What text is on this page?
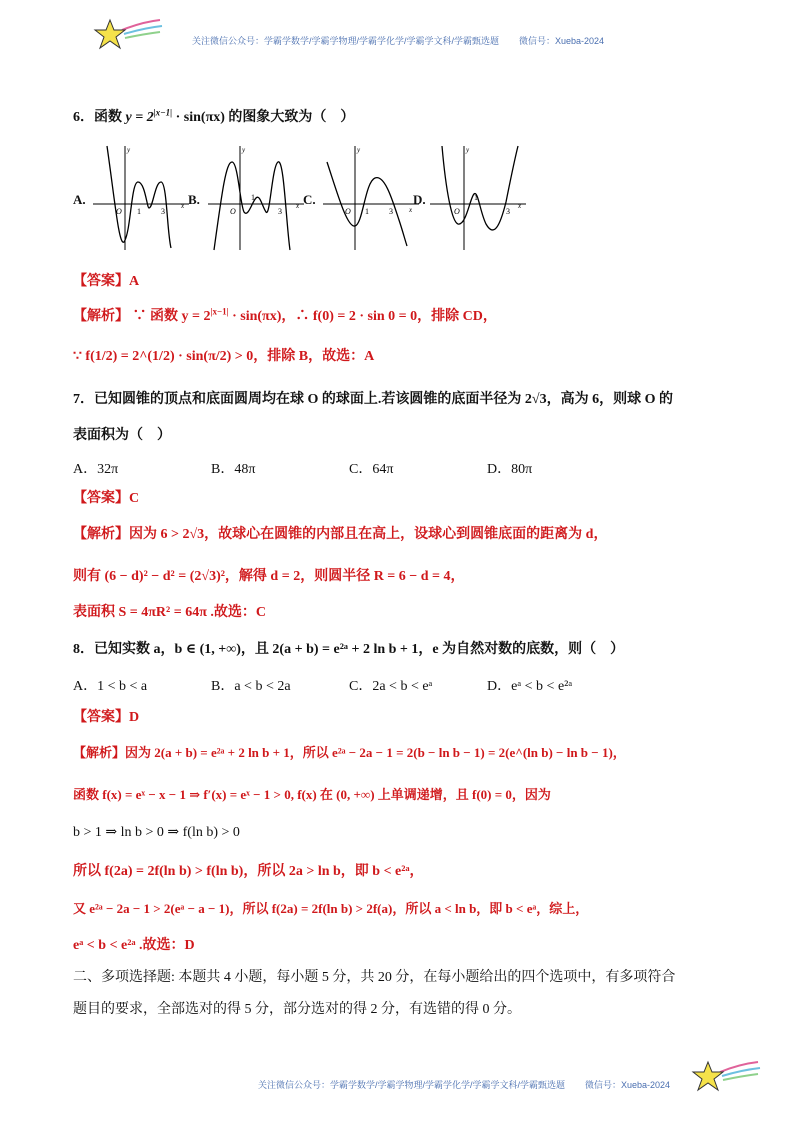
关注微信公众号：学霸学数学/学霸学物理/学霸学化学/学霸学文科/学霸甄选题 微信号：Xueba-2024
6．函数 $y = 2^{|x-1|} \cdot \sin(\pi x)$ 的图象大致为（　）
A.	B.	C.	D.
O 1	3
x
y
O
1
3
x
y
O 1	3 x
y
O
1
3
x
y
【答案】A
【解析】 ∵ 函数 $y = 2^{|x-1|} \cdot \sin(\pi x)$，∴ f(0) = 2 · sin 0 = 0，排除 CD，
∵ f(1/2) = 2^(1/2) · sin(π/2) > 0，排除 B，故选：A
7．已知圆锥的顶点和底面圆周均在球 O 的球面上.若该圆锥的底面半径为 2√3，高为 6，则球 O 的
表面积为（　）
A．32π	B．48π	C．64π	D．80π
【答案】C
【解析】因为 6 > 2√3，故球心在圆锥的内部且在高上，设球心到圆锥底面的距离为 d，
则有 (6 − d)² − d² = (2√3)²，解得 d = 2，则圆半径 R = 6 − d = 4，
表面积 S = 4πR² = 64π .故选：C
8．已知实数 a，b ∈ (1, +∞)，且 2(a + b) = e²ᵃ + 2 ln b + 1，e 为自然对数的底数，则（　）
A．1 < b < a	B．a < b < 2a	C．2a < b < eᵃ	D．eᵃ < b < e²ᵃ
【答案】D
【解析】因为 2(a + b) = e²ᵃ + 2 ln b + 1，所以 e²ᵃ − 2a − 1 = 2(b − ln b − 1) = 2(e^(ln b) − ln b − 1)，
函数 f(x) = eˣ − x − 1 ⇒ f′(x) = eˣ − 1 > 0, f(x) 在 (0, +∞) 上单调递增，且 f(0) = 0，因为
b > 1 ⇒ ln b > 0 ⇒ f(ln b) > 0
所以 f(2a) = 2f(ln b) > f(ln b)，所以 2a > ln b，即 b < e²ᵃ，
又 e²ᵃ − 2a − 1 > 2(eᵃ − a − 1)，所以 f(2a) = 2f(ln b) > 2f(a)，所以 a < ln b，即 b < eᵃ，综上，
eᵃ < b < e²ᵃ .故选：D
二、多项选择题: 本题共 4 小题，每小题 5 分，共 20 分，在每小题给出的四个选项中，有多项符合
题目的要求，全部选对的得 5 分，部分选对的得 2 分，有选错的得 0 分。
关注微信公众号：学霸学数学/学霸学物理/学霸学化学/学霸学文科/学霸甄选题 微信号：Xueba-2024
